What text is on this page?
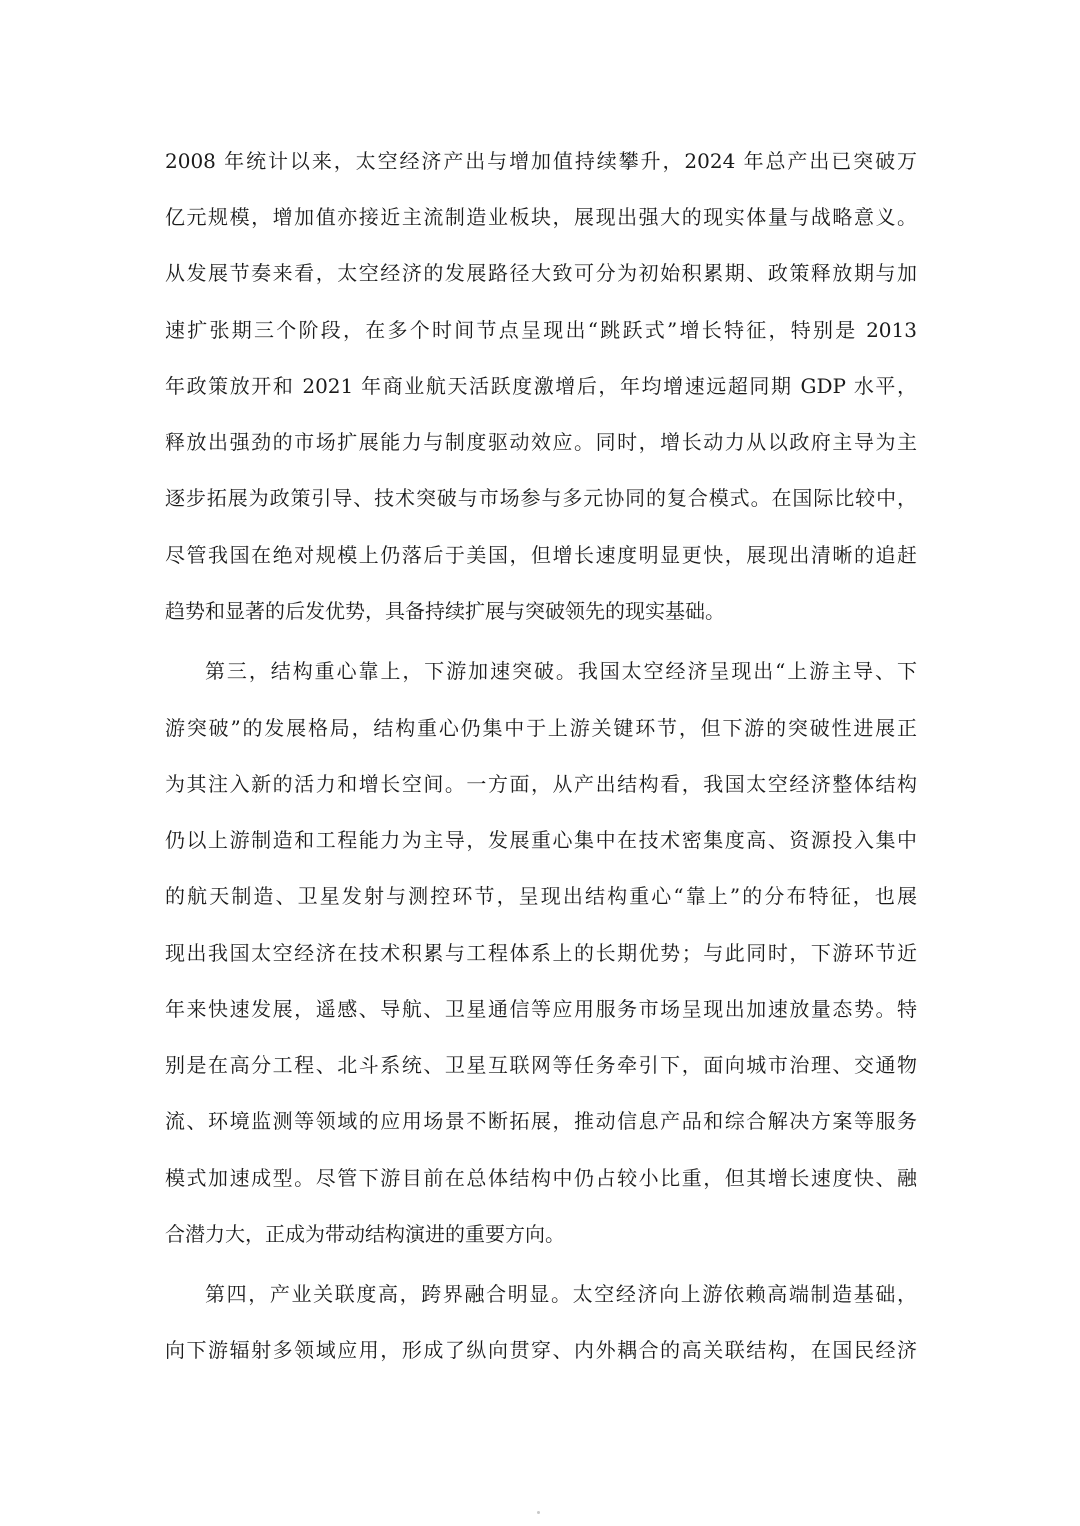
2008 年统计以来，太空经济产出与增加值持续攀升，2024 年总产出已突破万
亿元规模，增加值亦接近主流制造业板块，展现出强大的现实体量与战略意义。
从发展节奏来看，太空经济的发展路径大致可分为初始积累期、政策释放期与加
速扩张期三个阶段，在多个时间节点呈现出“跳跃式”增长特征，特别是 2013
年政策放开和 2021 年商业航天活跃度激增后，年均增速远超同期 GDP 水平，
释放出强劲的市场扩展能力与制度驱动效应。同时，增长动力从以政府主导为主
逐步拓展为政策引导、技术突破与市场参与多元协同的复合模式。在国际比较中，
尽管我国在绝对规模上仍落后于美国，但增长速度明显更快，展现出清晰的追赶
趋势和显著的后发优势，具备持续扩展与突破领先的现实基础。
第三，结构重心靠上，下游加速突破。我国太空经济呈现出“上游主导、下
游突破”的发展格局，结构重心仍集中于上游关键环节，但下游的突破性进展正
为其注入新的活力和增长空间。一方面，从产出结构看，我国太空经济整体结构
仍以上游制造和工程能力为主导，发展重心集中在技术密集度高、资源投入集中
的航天制造、卫星发射与测控环节，呈现出结构重心“靠上”的分布特征，也展
现出我国太空经济在技术积累与工程体系上的长期优势；与此同时，下游环节近
年来快速发展，遥感、导航、卫星通信等应用服务市场呈现出加速放量态势。特
别是在高分工程、北斗系统、卫星互联网等任务牵引下，面向城市治理、交通物
流、环境监测等领域的应用场景不断拓展，推动信息产品和综合解决方案等服务
模式加速成型。尽管下游目前在总体结构中仍占较小比重，但其增长速度快、融
合潜力大，正成为带动结构演进的重要方向。
第四，产业关联度高，跨界融合明显。太空经济向上游依赖高端制造基础，
向下游辐射多领域应用，形成了纵向贯穿、内外耦合的高关联结构，在国民经济
